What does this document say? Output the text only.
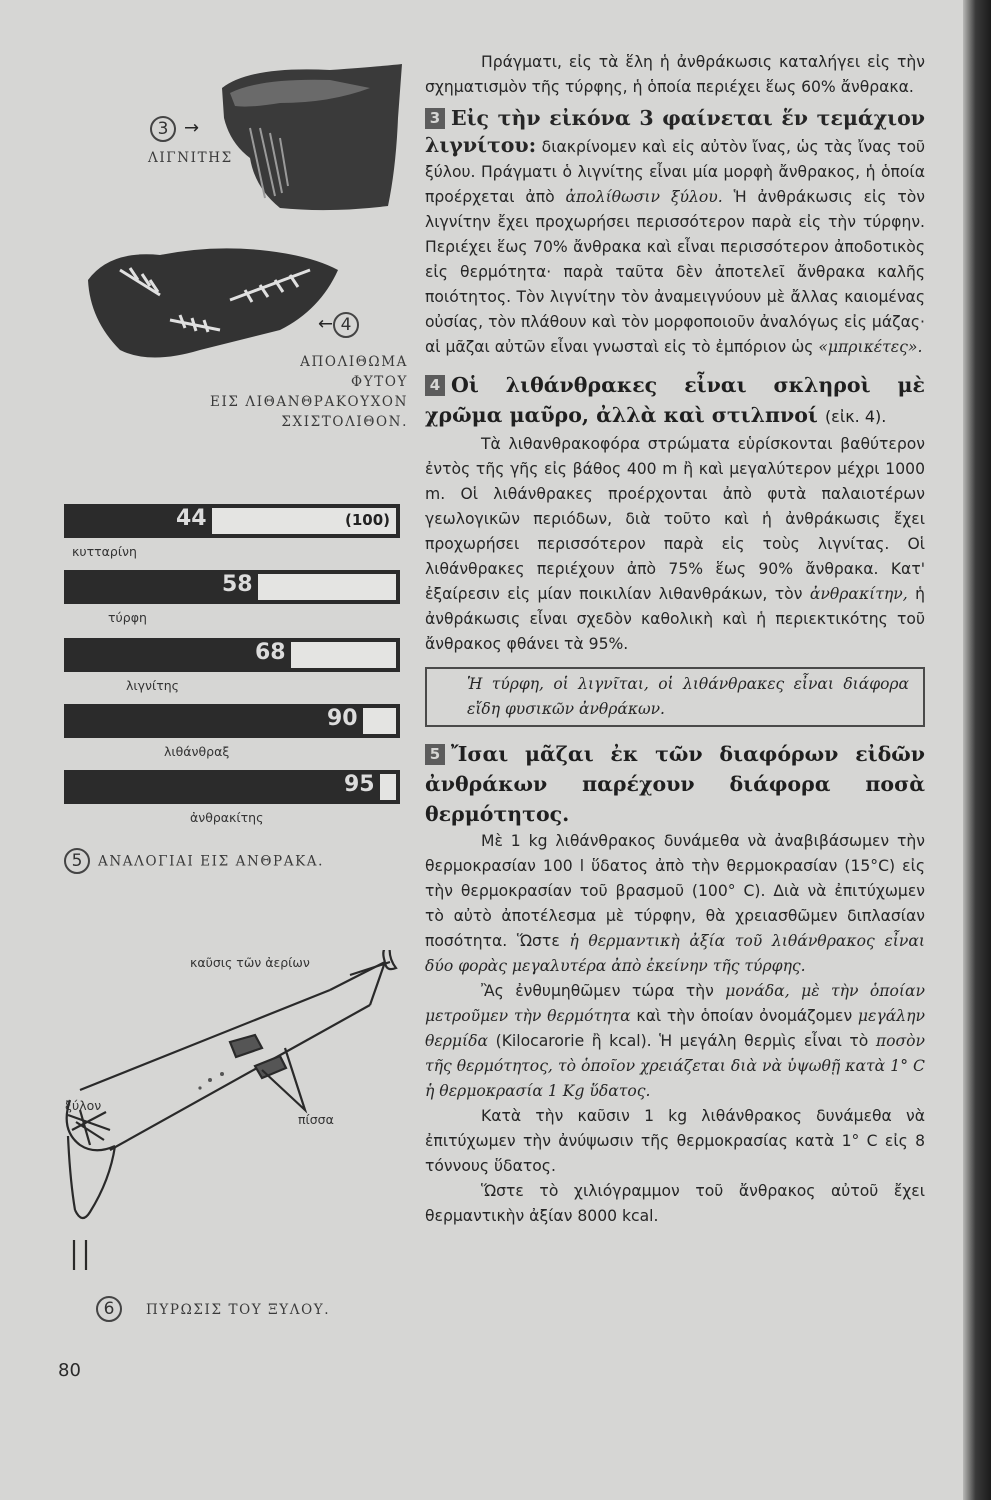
3 →
ΛΙΓΝΙΤΗΣ
← 4
ΑΠΟΛΙΘΩΜΑ
ΦΥΤΟΥ
ΕΙΣ ΛΙΘΑΝΘΡΑΚΟΥΧΟΝ
ΣΧΙΣΤΟΛΙΘΟΝ.
44	(100)
κυτταρίνη
58
τύρφη
68
λιγνίτης
90
λιθάνθραξ
95
ἀνθρακίτης
5 ΑΝΑΛΟΓΙΑΙ ΕΙΣ ΑΝΘΡΑΚΑ.
καῦσις τῶν ἀερίων
ξύλον
πίσσα
6 ΠΥΡΩΣΙΣ ΤΟΥ ΞΥΛΟΥ.
80

Πράγματι, εἰς τὰ ἕλη ἡ ἀνθράκωσις καταλήγει εἰς τὴν σχηματισμὸν τῆς τύρφης, ἡ ὁποία περιέχει ἕως 60% ἄνθρακα.

3 Εἰς τὴν εἰκόνα 3 φαίνεται ἕν τεμάχιον λιγνίτου: διακρίνομεν καὶ εἰς αὐτὸν ἴνας, ὡς τὰς ἴνας τοῦ ξύλου. Πράγματι ὁ λιγνίτης εἶναι μία μορφὴ ἄνθρακος, ἡ ὁποία προέρχεται ἀπὸ ἀπολίθωσιν ξύλου. Ἡ ἀνθράκωσις εἰς τὸν λιγνίτην ἔχει προχωρήσει περισσότερον παρὰ εἰς τὴν τύρφην. Περιέχει ἕως 70% ἄνθρακα καὶ εἶναι περισσότερον ἀποδοτικὸς εἰς θερμότητα· παρὰ ταῦτα δὲν ἀποτελεῖ ἄνθρακα καλῆς ποιότητος. Τὸν λιγνίτην τὸν ἀναμειγνύουν μὲ ἄλλας καιομένας οὐσίας, τὸν πλάθουν καὶ τὸν μορφοποιοῦν ἀναλόγως εἰς μάζας· αἱ μᾶζαι αὐτῶν εἶναι γνωσταὶ εἰς τὸ ἐμπόριον ὡς «μπρικέτες».

4 Οἱ λιθάνθρακες εἶναι σκληροὶ μὲ χρῶμα μαῦρο, ἀλλὰ καὶ στιλπνοί (εἰκ. 4).

Τὰ λιθανθρακοφόρα στρώματα εὑρίσκονται βαθύτερον ἐντὸς τῆς γῆς εἰς βάθος 400 m ἢ καὶ μεγαλύτερον μέχρι 1000 m. Οἱ λιθάνθρακες προέρχονται ἀπὸ φυτὰ παλαιοτέρων γεωλογικῶν περιόδων, διὰ τοῦτο καὶ ἡ ἀνθράκωσις ἔχει προχωρήσει περισσότερον παρὰ εἰς τοὺς λιγνίτας. Οἱ λιθάνθρακες περιέχουν ἀπὸ 75% ἕως 90% ἄνθρακα. Κατ' ἐξαίρεσιν εἰς μίαν ποικιλίαν λιθανθράκων, τὸν ἀνθρακίτην, ἡ ἀνθράκωσις εἶναι σχεδὸν καθολικὴ καὶ ἡ περιεκτικότης τοῦ ἄνθρακος φθάνει τὰ 95%.

Ἡ τύρφη, οἱ λιγνῖται, οἱ λιθάνθρακες εἶναι διάφορα εἴδη φυσικῶν ἀνθράκων.

5 Ἴσαι μᾶζαι ἐκ τῶν διαφόρων εἰδῶν ἀνθράκων παρέχουν διάφορα ποσὰ θερμότητος.

Μὲ 1 kg λιθάνθρακος δυνάμεθα νὰ ἀναβιβάσωμεν τὴν θερμοκρασίαν 100 l ὕδατος ἀπὸ τὴν θερμοκρασίαν (15°C) εἰς τὴν θερμοκρασίαν τοῦ βρασμοῦ (100° C). Διὰ νὰ ἐπιτύχωμεν τὸ αὐτὸ ἀποτέλεσμα μὲ τύρφην, θὰ χρειασθῶμεν διπλασίαν ποσότητα. Ὥστε ἡ θερμαντικὴ ἀξία τοῦ λιθάνθρακος εἶναι δύο φορὰς μεγαλυτέρα ἀπὸ ἐκείνην τῆς τύρφης.

Ἂς ἐνθυμηθῶμεν τώρα τὴν μονάδα, μὲ τὴν ὁποίαν μετροῦμεν τὴν θερμότητα καὶ τὴν ὁποίαν ὀνομάζομεν μεγάλην θερμίδα (Kilocarorie ἢ kcal). Ἡ μεγάλη θερμὶς εἶναι τὸ ποσὸν τῆς θερμότητος, τὸ ὁποῖον χρειάζεται διὰ νὰ ὑψωθῇ κατὰ 1° C ἡ θερμοκρασία 1 Kg ὕδατος.

Κατὰ τὴν καῦσιν 1 kg λιθάνθρακος δυνάμεθα νὰ ἐπιτύχωμεν τὴν ἀνύψωσιν τῆς θερμοκρασίας κατὰ 1° C εἰς 8 τόννους ὕδατος.

Ὥστε τὸ χιλιόγραμμον τοῦ ἄνθρακος αὐτοῦ ἔχει θερμαντικὴν ἀξίαν 8000 kcal.
